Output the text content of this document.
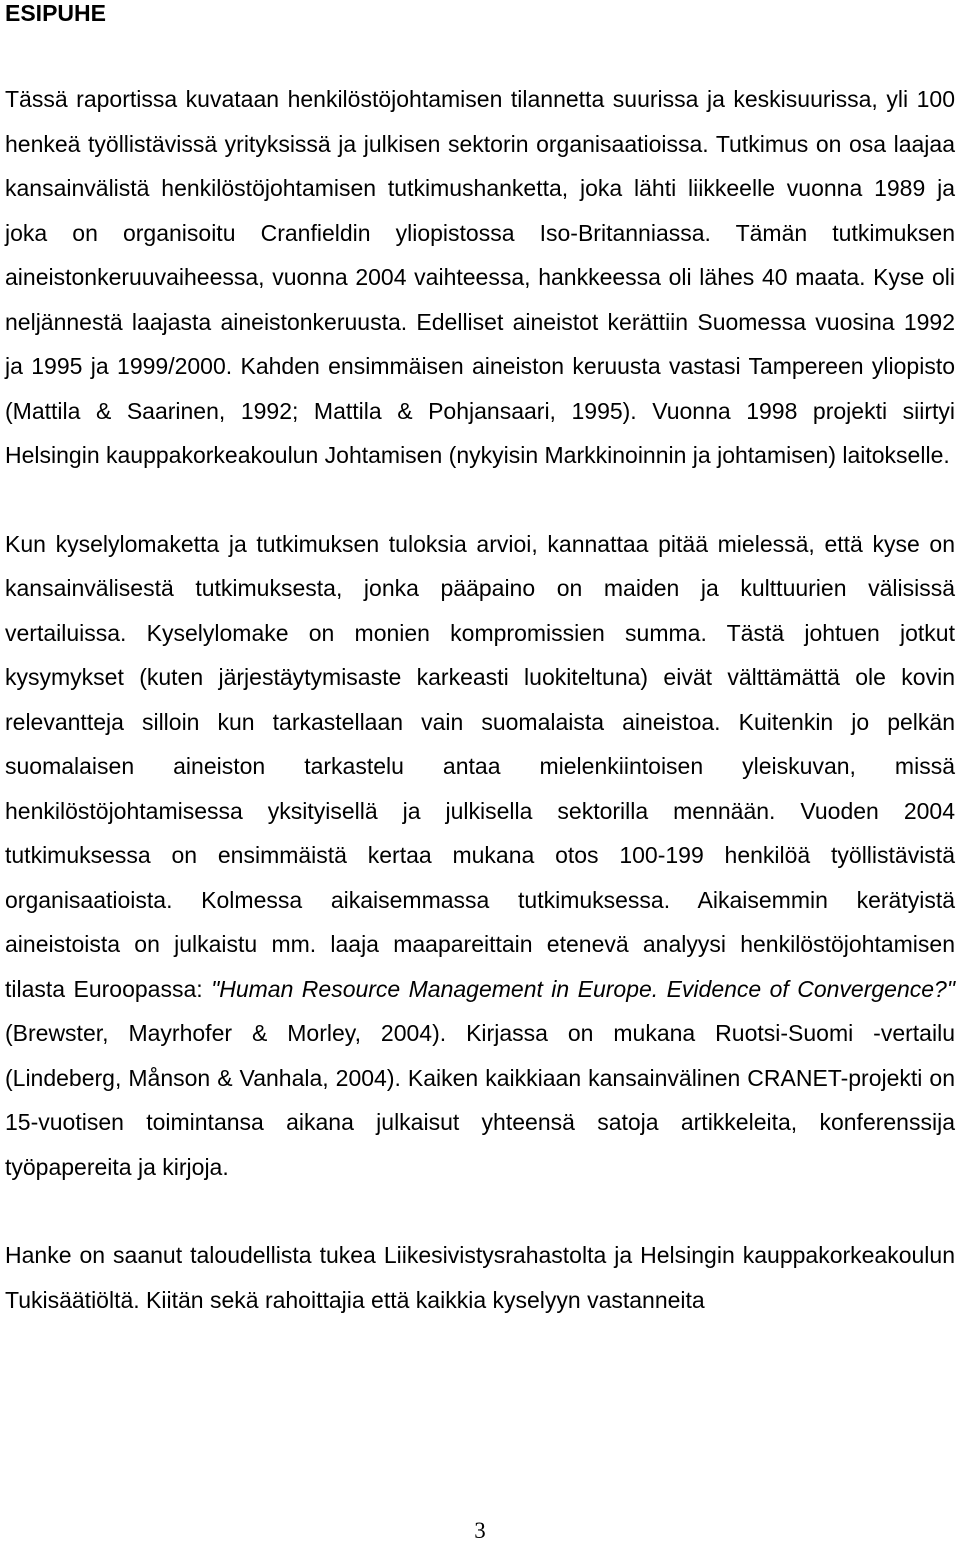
ESIPUHE

Tässä raportissa kuvataan henkilöstöjohtamisen tilannetta suurissa ja keskisuurissa, yli 100 henkeä työllistävissä yrityksissä ja julkisen sektorin organisaatioissa. Tutkimus on osa laajaa kansainvälistä henkilöstöjohtamisen tutkimushanketta, joka lähti liikkeelle vuonna 1989 ja joka on organisoitu Cranfieldin yliopistossa Iso-Britanniassa. Tämän tutkimuksen aineistonkeruuvaiheessa, vuonna 2004 vaihteessa, hankkeessa oli lähes 40 maata. Kyse oli neljännestä laajasta aineistonkeruusta. Edelliset aineistot kerättiin Suomessa vuosina 1992 ja 1995 ja 1999/2000. Kahden ensimmäisen aineiston keruusta vastasi Tampereen yliopisto (Mattila & Saarinen, 1992; Mattila & Pohjansaari, 1995). Vuonna 1998 projekti siirtyi Helsingin kauppakorkeakoulun Johtamisen (nykyisin Markkinoinnin ja johtamisen) laitokselle.

Kun kyselylomaketta ja tutkimuksen tuloksia arvioi, kannattaa pitää mielessä, että kyse on kansainvälisestä tutkimuksesta, jonka pääpaino on maiden ja kulttuurien välisissä vertailuissa. Kyselylomake on monien kompromissien summa. Tästä johtuen jotkut kysymykset (kuten järjestäytymisaste karkeasti luokiteltuna) eivät välttämättä ole kovin relevantteja silloin kun tarkastellaan vain suomalaista aineistoa. Kuitenkin jo pelkän suomalaisen aineiston tarkastelu antaa mielenkiintoisen yleiskuvan, missä henkilöstöjohtamisessa yksityisellä ja julkisella sektorilla mennään. Vuoden 2004 tutkimuksessa on ensimmäistä kertaa mukana otos 100-199 henkilöä työllistävistä organisaatioista. Kolmessa aikaisemmassa tutkimuksessa. Aikaisemmin kerätyistä aineistoista on julkaistu mm. laaja maapareittain etenevä analyysi henkilöstöjohtamisen tilasta Euroopassa: "Human Resource Management in Europe. Evidence of Convergence?" (Brewster, Mayrhofer & Morley, 2004). Kirjassa on mukana Ruotsi-Suomi -vertailu (Lindeberg, Månson & Vanhala, 2004). Kaiken kaikkiaan kansainvälinen CRANET-projekti on 15-vuotisen toimintansa aikana julkaisut yhteensä satoja artikkeleita, konferenssija työpapereita ja kirjoja.

Hanke on saanut taloudellista tukea Liikesivistysrahastolta ja Helsingin kauppakorkeakoulun Tukisäätiöltä. Kiitän sekä rahoittajia että kaikkia kyselyyn vastanneita

3
